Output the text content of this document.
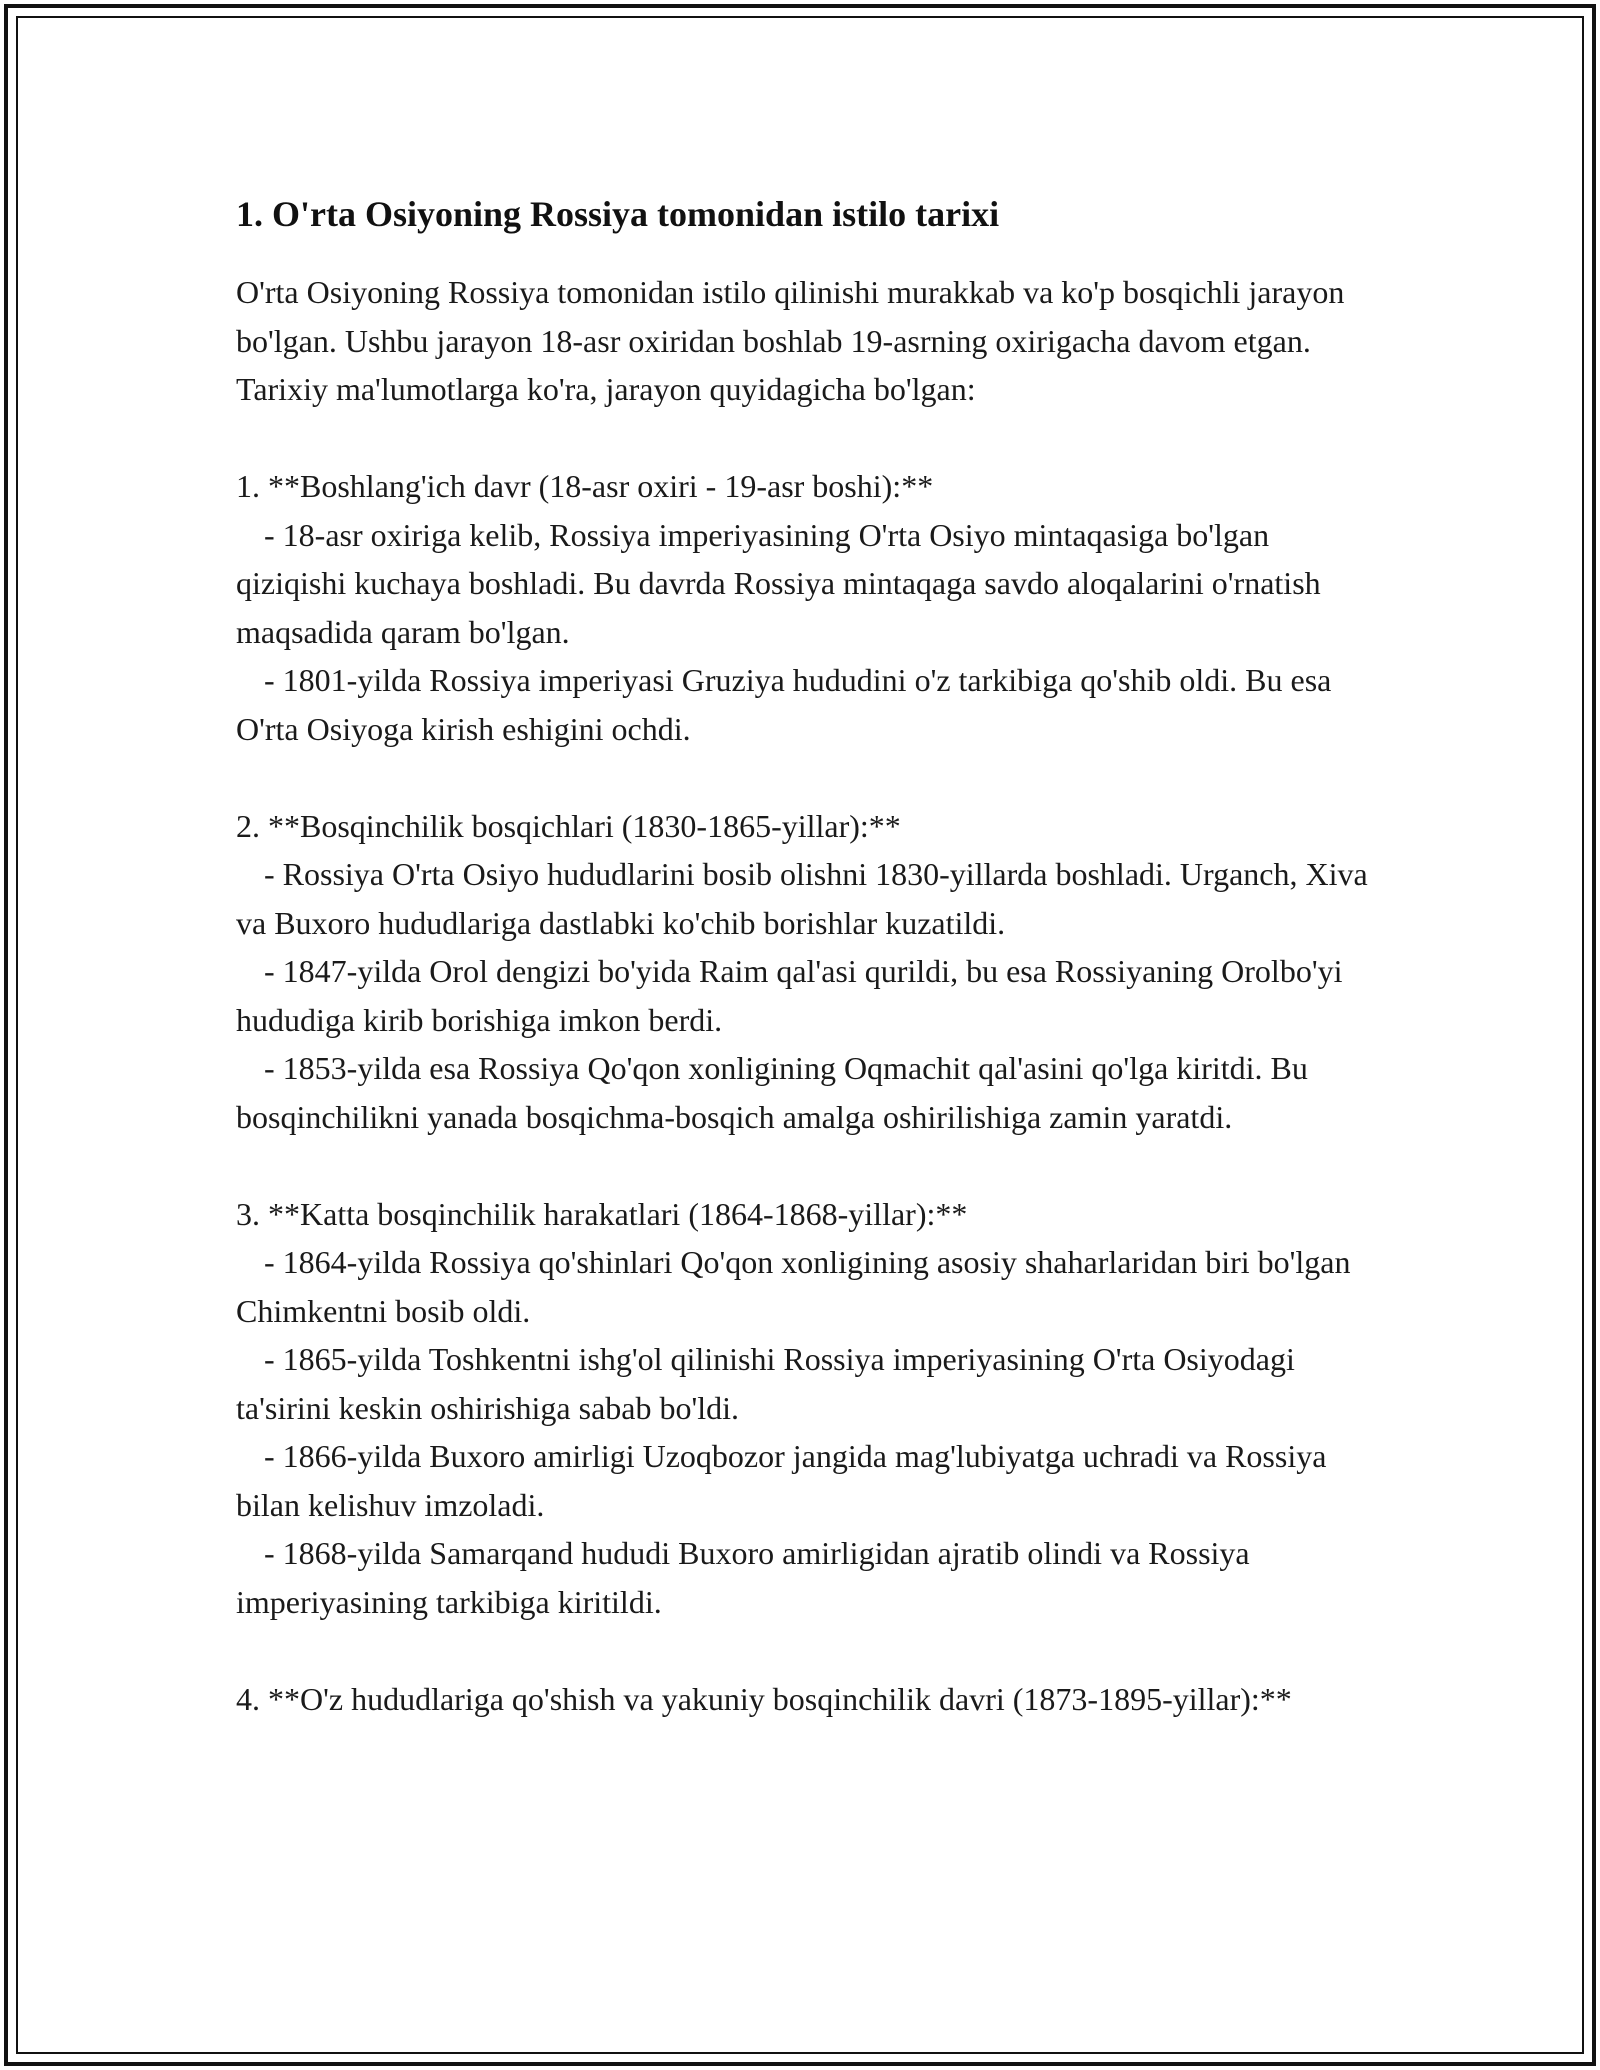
1. O'rta Osiyoning Rossiya tomonidan istilo tarixi

O'rta Osiyoning Rossiya tomonidan istilo qilinishi murakkab va ko'p bosqichli jarayon bo'lgan. Ushbu jarayon 18-asr oxiridan boshlab 19-asrning oxirigacha davom etgan. Tarixiy ma'lumotlarga ko'ra, jarayon quyidagicha bo'lgan:

1. **Boshlang'ich davr (18-asr oxiri - 19-asr boshi):**

- 18-asr oxiriga kelib, Rossiya imperiyasining O'rta Osiyo mintaqasiga bo'lgan qiziqishi kuchaya boshladi. Bu davrda Rossiya mintaqaga savdo aloqalarini o'rnatish maqsadida qaram bo'lgan.

- 1801-yilda Rossiya imperiyasi Gruziya hududini o'z tarkibiga qo'shib oldi. Bu esa O'rta Osiyoga kirish eshigini ochdi.

2. **Bosqinchilik bosqichlari (1830-1865-yillar):**

- Rossiya O'rta Osiyo hududlarini bosib olishni 1830-yillarda boshladi. Urganch, Xiva va Buxoro hududlariga dastlabki ko'chib borishlar kuzatildi.

- 1847-yilda Orol dengizi bo'yida Raim qal'asi qurildi, bu esa Rossiyaning Orolbo'yi hududiga kirib borishiga imkon berdi.

- 1853-yilda esa Rossiya Qo'qon xonligining Oqmachit qal'asini qo'lga kiritdi. Bu bosqinchilikni yanada bosqichma-bosqich amalga oshirilishiga zamin yaratdi.

3. **Katta bosqinchilik harakatlari (1864-1868-yillar):**

- 1864-yilda Rossiya qo'shinlari Qo'qon xonligining asosiy shaharlaridan biri bo'lgan Chimkentni bosib oldi.

- 1865-yilda Toshkentni ishg'ol qilinishi Rossiya imperiyasining O'rta Osiyodagi ta'sirini keskin oshirishiga sabab bo'ldi.

- 1866-yilda Buxoro amirligi Uzoqbozor jangida mag'lubiyatga uchradi va Rossiya bilan kelishuv imzoladi.

- 1868-yilda Samarqand hududi Buxoro amirligidan ajratib olindi va Rossiya imperiyasining tarkibiga kiritildi.

4. **O'z hududlariga qo'shish va yakuniy bosqinchilik davri (1873-1895-yillar):**
